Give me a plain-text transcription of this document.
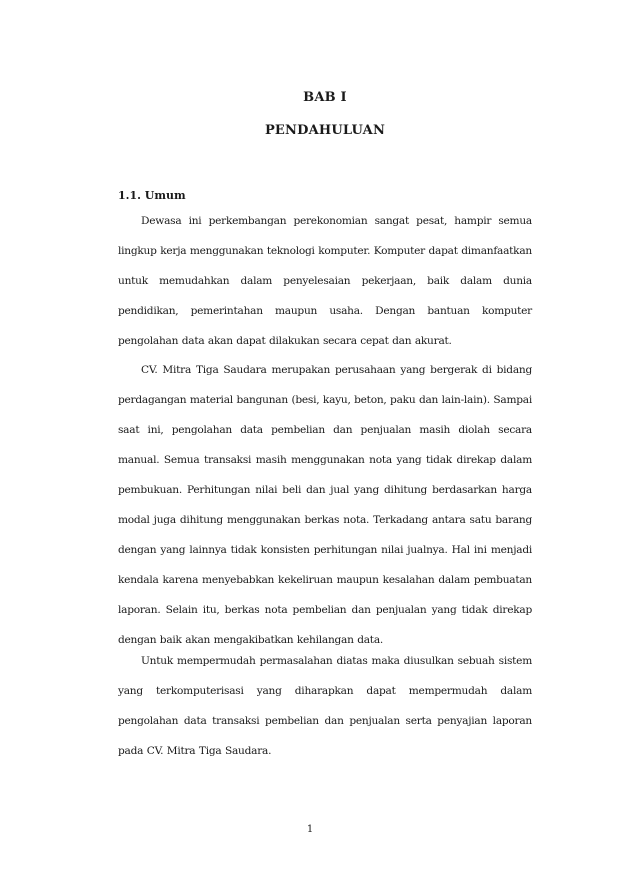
BAB I
PENDAHULUAN
1.1. Umum

Dewasa ini perkembangan perekonomian sangat pesat, hampir semua lingkup kerja menggunakan teknologi komputer. Komputer dapat dimanfaatkan untuk memudahkan dalam penyelesaian pekerjaan, baik dalam dunia pendidikan, pemerintahan maupun usaha. Dengan bantuan komputer pengolahan data akan dapat dilakukan secara cepat dan akurat.

CV. Mitra Tiga Saudara merupakan perusahaan yang bergerak di bidang perdagangan material bangunan (besi, kayu, beton, paku dan lain-lain). Sampai saat ini, pengolahan data pembelian dan penjualan masih diolah secara manual. Semua transaksi masih menggunakan nota yang tidak direkap dalam pembukuan. Perhitungan nilai beli dan jual yang dihitung berdasarkan harga modal juga dihitung menggunakan berkas nota. Terkadang antara satu barang dengan yang lainnya tidak konsisten perhitungan nilai jualnya. Hal ini menjadi kendala karena menyebabkan kekeliruan maupun kesalahan dalam pembuatan laporan. Selain itu, berkas nota pembelian dan penjualan yang tidak direkap dengan baik akan mengakibatkan kehilangan data.

Untuk mempermudah permasalahan diatas maka diusulkan sebuah sistem yang terkomputerisasi yang diharapkan dapat mempermudah dalam pengolahan data transaksi pembelian dan penjualan serta penyajian laporan pada CV. Mitra Tiga Saudara.

1
